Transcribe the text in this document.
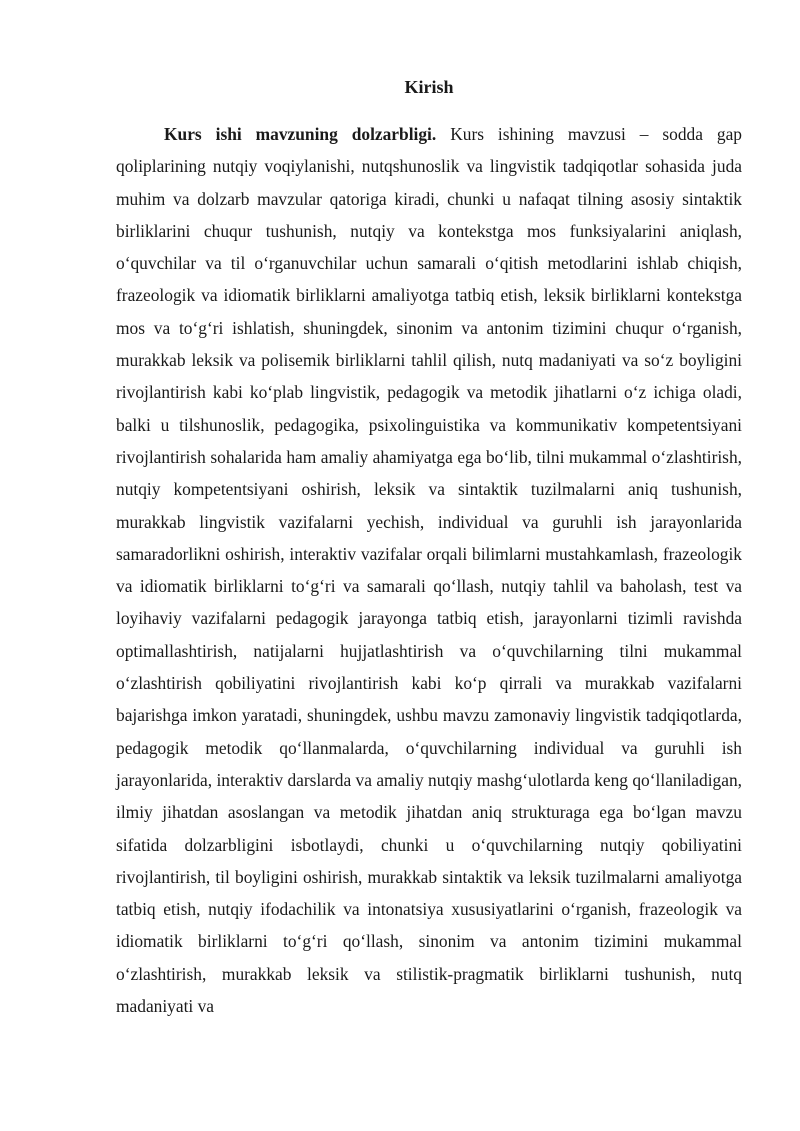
Kirish

Kurs ishi mavzuning dolzarbligi. Kurs ishining mavzusi – sodda gap qoliplarining nutqiy voqiylanishi, nutqshunoslik va lingvistik tadqiqotlar sohasida juda muhim va dolzarb mavzular qatoriga kiradi, chunki u nafaqat tilning asosiy sintaktik birliklarini chuqur tushunish, nutqiy va kontekstga mos funksiyalarini aniqlash, o‘quvchilar va til o‘rganuvchilar uchun samarali o‘qitish metodlarini ishlab chiqish, frazeologik va idiomatik birliklarni amaliyotga tatbiq etish, leksik birliklarni kontekstga mos va to‘g‘ri ishlatish, shuningdek, sinonim va antonim tizimini chuqur o‘rganish, murakkab leksik va polisemik birliklarni tahlil qilish, nutq madaniyati va so‘z boyligini rivojlantirish kabi ko‘plab lingvistik, pedagogik va metodik jihatlarni o‘z ichiga oladi, balki u tilshunoslik, pedagogika, psixolinguistika va kommunikativ kompetentsiyani rivojlantirish sohalarida ham amaliy ahamiyatga ega bo‘lib, tilni mukammal o‘zlashtirish, nutqiy kompetentsiyani oshirish, leksik va sintaktik tuzilmalarni aniq tushunish, murakkab lingvistik vazifalarni yechish, individual va guruhli ish jarayonlarida samaradorlikni oshirish, interaktiv vazifalar orqali bilimlarni mustahkamlash, frazeologik va idiomatik birliklarni to‘g‘ri va samarali qo‘llash, nutqiy tahlil va baholash, test va loyihaviy vazifalarni pedagogik jarayonga tatbiq etish, jarayonlarni tizimli ravishda optimallashtirish, natijalarni hujjatlashtirish va o‘quvchilarning tilni mukammal o‘zlashtirish qobiliyatini rivojlantirish kabi ko‘p qirrali va murakkab vazifalarni bajarishga imkon yaratadi, shuningdek, ushbu mavzu zamonaviy lingvistik tadqiqotlarda, pedagogik metodik qo‘llanmalarda, o‘quvchilarning individual va guruhli ish jarayonlarida, interaktiv darslarda va amaliy nutqiy mashg‘ulotlarda keng qo‘llaniladigan, ilmiy jihatdan asoslangan va metodik jihatdan aniq strukturaga ega bo‘lgan mavzu sifatida dolzarbligini isbotlaydi, chunki u o‘quvchilarning nutqiy qobiliyatini rivojlantirish, til boyligini oshirish, murakkab sintaktik va leksik tuzilmalarni amaliyotga tatbiq etish, nutqiy ifodachilik va intonatsiya xususiyatlarini o‘rganish, frazeologik va idiomatik birliklarni to‘g‘ri qo‘llash, sinonim va antonim tizimini mukammal o‘zlashtirish, murakkab leksik va stilistik-pragmatik birliklarni tushunish, nutq madaniyati va
